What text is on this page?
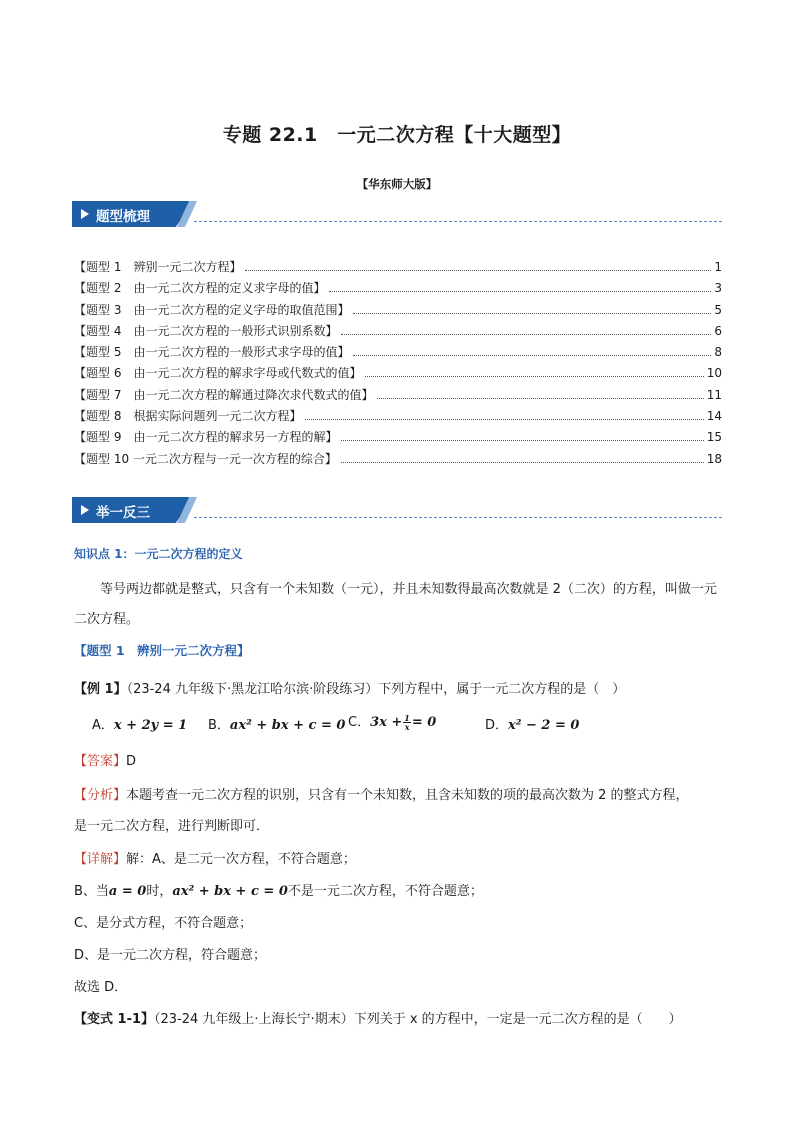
专题 22.1　一元二次方程【十大题型】
【华东师大版】
题型梳理
【题型 1　辨别一元二次方程】	1
【题型 2　由一元二次方程的定义求字母的值】	3
【题型 3　由一元二次方程的定义字母的取值范围】	5
【题型 4　由一元二次方程的一般形式识别系数】	6
【题型 5　由一元二次方程的一般形式求字母的值】	8
【题型 6　由一元二次方程的解求字母或代数式的值】	10
【题型 7　由一元二次方程的解通过降次求代数式的值】	11
【题型 8　根据实际问题列一元二次方程】	14
【题型 9　由一元二次方程的解求另一方程的解】	15
【题型 10 一元二次方程与一元一次方程的综合】	18
举一反三
知识点 1：一元二次方程的定义
等号两边都就是整式，只含有一个未知数（一元），并且未知数得最高次数就是 2（二次）的方程，叫做一元二次方程。
【题型 1　辨别一元二次方程】
【例 1】（23-24 九年级下·黑龙江哈尔滨·阶段练习）下列方程中，属于一元二次方程的是（　）
A．x + 2y = 1 B．ax² + bx + c = 0 C．$3x + \frac{1}{x} = 0$	D．x² − 2 = 0
【答案】D
【分析】本题考查一元二次方程的识别，只含有一个未知数，且含未知数的项的最高次数为 2 的整式方程，
是一元二次方程，进行判断即可．
【详解】解：A、是二元一次方程，不符合题意；
B、当a = 0时，ax² + bx + c = 0不是一元二次方程，不符合题意；
C、是分式方程，不符合题意；
D、是一元二次方程，符合题意；
故选 D．
【变式 1-1】（23-24 九年级上·上海长宁·期末）下列关于 x 的方程中，一定是一元二次方程的是（　　）
